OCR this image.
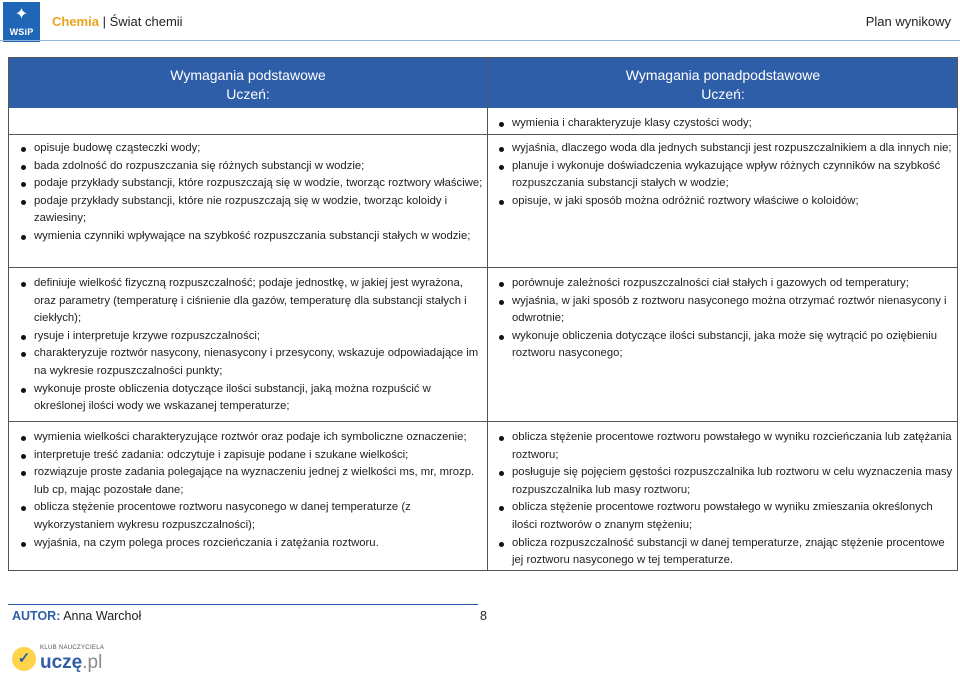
✦
WSiP
Chemia | Świat chemii	Plan wynikowy
Wymagania podstawowe
Uczeń:
Wymagania ponadpodstawowe
Uczeń:
wymienia i charakteryzuje klasy czystości wody;
opisuje budowę cząsteczki wody;
bada zdolność do rozpuszczania się różnych substancji w wodzie;
podaje przykłady substancji, które rozpuszczają się w wodzie, tworząc roztwory właściwe;
podaje przykłady substancji, które nie rozpuszczają się w wodzie, tworząc koloidy i zawiesiny;
wymienia czynniki wpływające na szybkość rozpuszczania substancji stałych w wodzie;
wyjaśnia, dlaczego woda dla jednych substancji jest rozpuszczalnikiem a dla innych nie;
planuje i wykonuje doświadczenia wykazujące wpływ różnych czynników na szybkość rozpuszczania substancji stałych w wodzie;
opisuje, w jaki sposób można odróżnić roztwory właściwe o koloidów;
definiuje wielkość fizyczną rozpuszczalność; podaje jednostkę, w jakiej jest wyrażona, oraz parametry (temperaturę i ciśnienie dla gazów, temperaturę dla substancji stałych i ciekłych);
rysuje i interpretuje krzywe rozpuszczalności;
charakteryzuje roztwór nasycony, nienasycony i przesycony, wskazuje odpowiadające im na wykresie rozpuszczalności punkty;
wykonuje proste obliczenia dotyczące ilości substancji, jaką można rozpuścić w określonej ilości wody we wskazanej temperaturze;
porównuje zależności rozpuszczalności ciał stałych i gazowych od temperatury;
wyjaśnia, w jaki sposób z roztworu nasyconego można otrzymać roztwór nienasycony i odwrotnie;
wykonuje obliczenia dotyczące ilości substancji, jaka może się wytrącić po oziębieniu roztworu nasyconego;
wymienia wielkości charakteryzujące roztwór oraz podaje ich symboliczne oznaczenie;
interpretuje treść zadania: odczytuje i zapisuje podane i szukane wielkości;
rozwiązuje proste zadania polegające na wyznaczeniu jednej z wielkości ms, mr, mrozp. lub cp, mając pozostałe dane;
oblicza stężenie procentowe roztworu nasyconego w danej temperaturze (z wykorzystaniem wykresu rozpuszczalności);
wyjaśnia, na czym polega proces rozcieńczania i zatężania roztworu.
oblicza stężenie procentowe roztworu powstałego w wyniku rozcieńczania lub zatężania roztworu;
posługuje się pojęciem gęstości rozpuszczalnika lub roztworu w celu wyznaczenia masy rozpuszczalnika lub masy roztworu;
oblicza stężenie procentowe roztworu powstałego w wyniku zmieszania określonych ilości roztworów o znanym stężeniu;
oblicza rozpuszczalność substancji w danej temperaturze, znając stężenie procentowe jej roztworu nasyconego w tej temperaturze.
AUTOR: Anna Warchoł	8
✓
KLUB NAUCZYCIELA
uczę.pl
